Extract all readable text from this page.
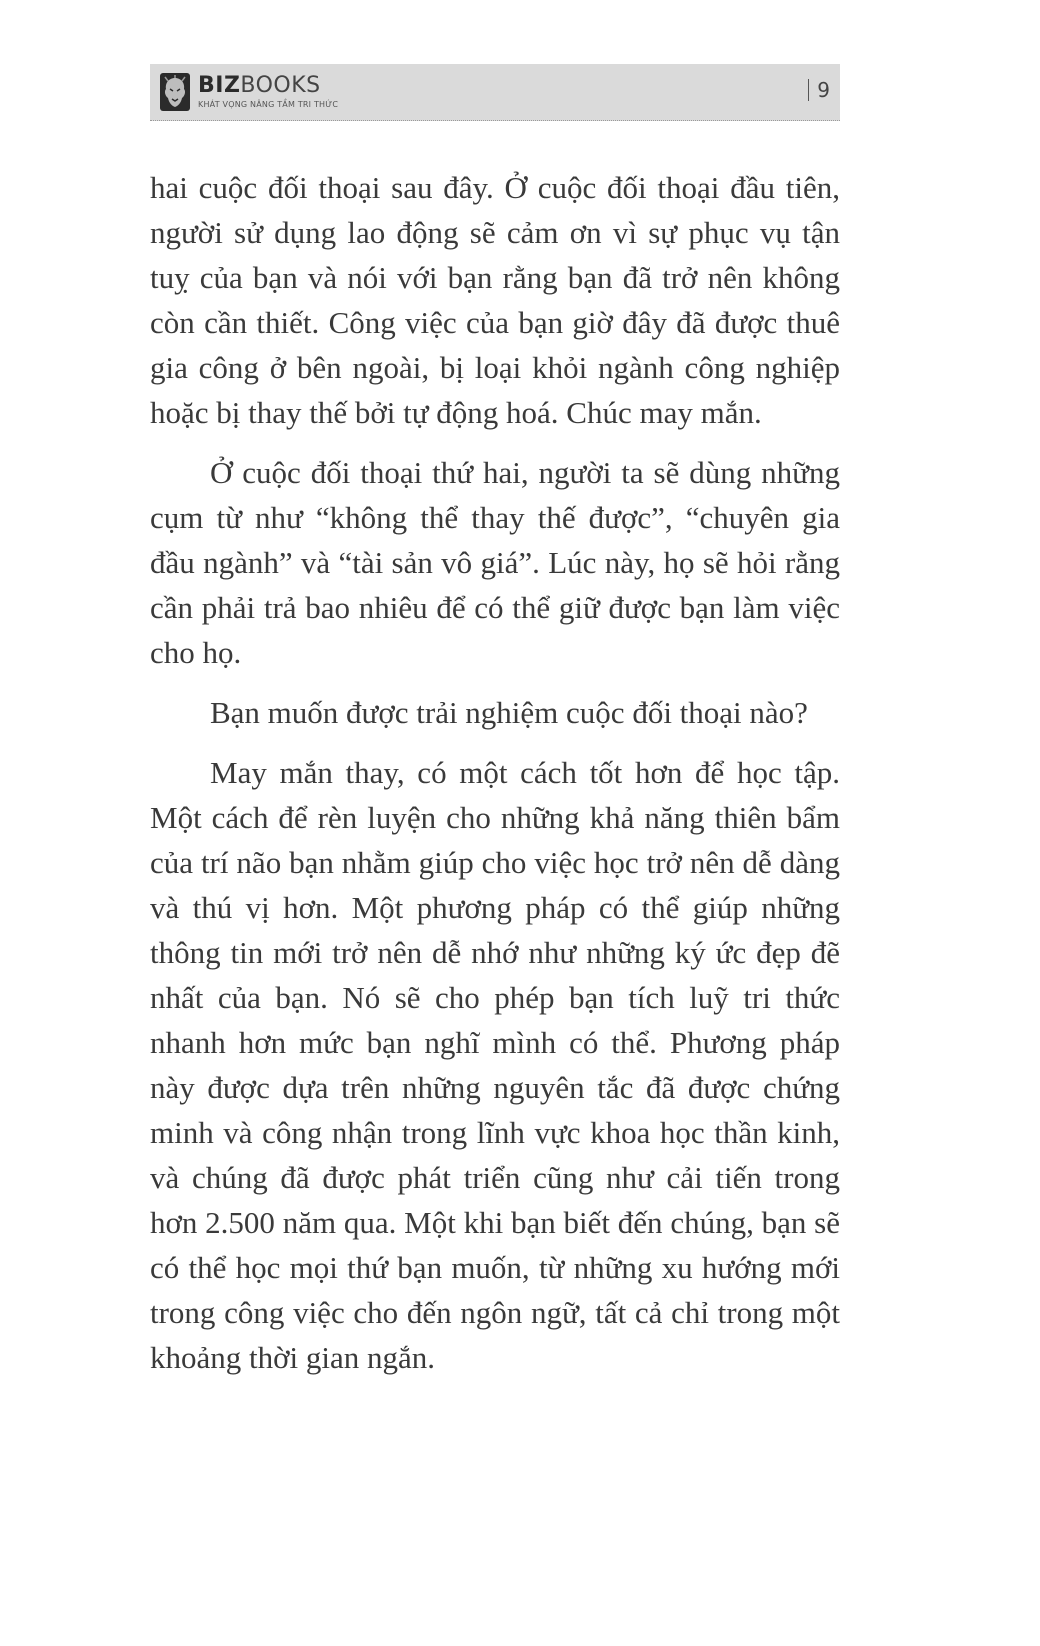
BIZBOOKS
KHÁT VỌNG NÂNG TẦM TRI THỨC
9

hai cuộc đối thoại sau đây. Ở cuộc đối thoại đầu tiên, người sử dụng lao động sẽ cảm ơn vì sự phục vụ tận tuỵ của bạn và nói với bạn rằng bạn đã trở nên không còn cần thiết. Công việc của bạn giờ đây đã được thuê gia công ở bên ngoài, bị loại khỏi ngành công nghiệp hoặc bị thay thế bởi tự động hoá. Chúc may mắn.

Ở cuộc đối thoại thứ hai, người ta sẽ dùng những cụm từ như “không thể thay thế được”, “chuyên gia đầu ngành” và “tài sản vô giá”. Lúc này, họ sẽ hỏi rằng cần phải trả bao nhiêu để có thể giữ được bạn làm việc cho họ.

Bạn muốn được trải nghiệm cuộc đối thoại nào?

May mắn thay, có một cách tốt hơn để học tập. Một cách để rèn luyện cho những khả năng thiên bẩm của trí não bạn nhằm giúp cho việc học trở nên dễ dàng và thú vị hơn. Một phương pháp có thể giúp những thông tin mới trở nên dễ nhớ như những ký ức đẹp đẽ nhất của bạn. Nó sẽ cho phép bạn tích luỹ tri thức nhanh hơn mức bạn nghĩ mình có thể. Phương pháp này được dựa trên những nguyên tắc đã được chứng minh và công nhận trong lĩnh vực khoa học thần kinh, và chúng đã được phát triển cũng như cải tiến trong hơn 2.500 năm qua. Một khi bạn biết đến chúng, bạn sẽ có thể học mọi thứ bạn muốn, từ những xu hướng mới trong công việc cho đến ngôn ngữ, tất cả chỉ trong một khoảng thời gian ngắn.
